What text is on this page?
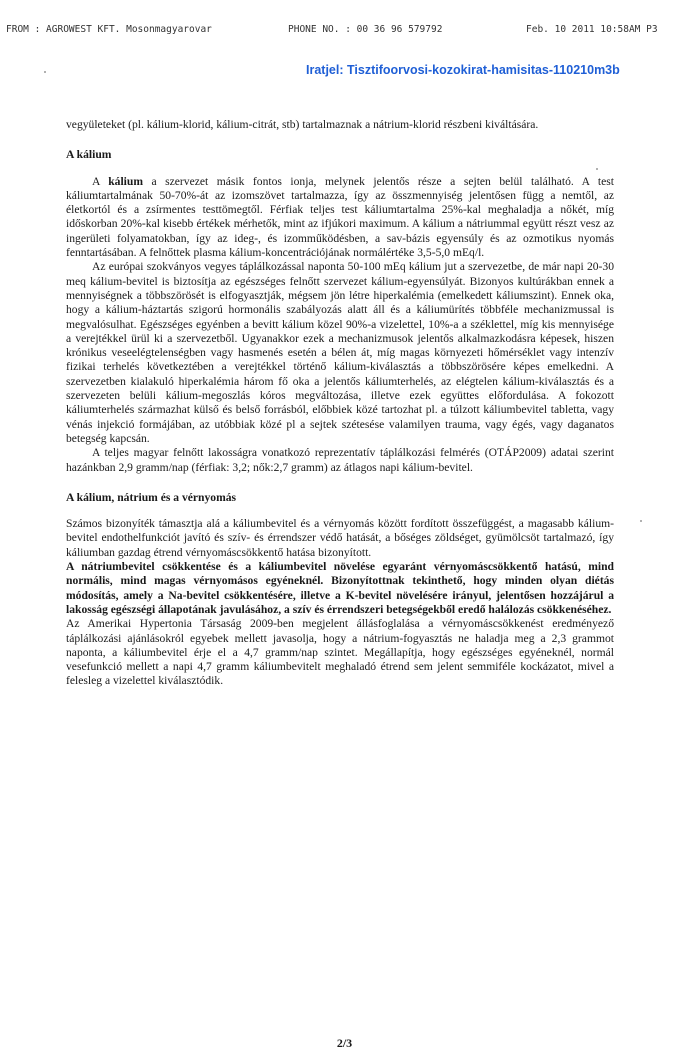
FROM : AGROWEST KFT. Mosonmagyarovar	PHONE NO. : 00 36 96 579792	Feb. 10 2011 10:58AM P3
Iratjel: Tisztifoorvosi-kozokirat-hamisitas-110210m3b

vegyületeket (pl. kálium-klorid, kálium-citrát, stb) tartalmaznak a nátrium-klorid részbeni kiváltására.

A kálium

A kálium a szervezet másik fontos ionja, melynek jelentős része a sejten belül található. A test káliumtartalmának 50-70%-át az izomszövet tartalmazza, így az összmennyiség jelentősen függ a nemtől, az életkortól és a zsírmentes testtömegtől. Férfiak teljes test káliumtartalma 25%-kal meghaladja a nőkét, míg időskorban 20%-kal kisebb értékek mérhetők, mint az ifjúkori maximum. A kálium a nátriummal együtt részt vesz az ingerületi folyamatokban, így az ideg-, és izomműködésben, a sav-bázis egyensúly és az ozmotikus nyomás fenntartásában. A felnőttek plasma kálium-koncentrációjának normálértéke 3,5-5,0 mEq/l.

Az európai szokványos vegyes táplálkozással naponta 50-100 mEq kálium jut a szervezetbe, de már napi 20-30 meq kálium-bevitel is biztosítja az egészséges felnőtt szervezet kálium-egyensúlyát. Bizonyos kultúrákban ennek a mennyiségnek a többszörösét is elfogyasztják, mégsem jön létre hiperkalémia (emelkedett káliumszint). Ennek oka, hogy a kálium-háztartás szigorú hormonális szabályozás alatt áll és a káliumürítés többféle mechanizmussal is megvalósulhat. Egészséges egyénben a bevitt kálium közel 90%-a vizelettel, 10%-a a széklettel, míg kis mennyisége a verejtékkel ürül ki a szervezetből. Ugyanakkor ezek a mechanizmusok jelentős alkalmazkodásra képesek, hiszen krónikus veseelégtelenségben vagy hasmenés esetén a bélen át, míg magas környezeti hőmérséklet vagy intenzív fizikai terhelés következtében a verejtékkel történő kálium-kiválasztás a többszörösére képes emelkedni. A szervezetben kialakuló hiperkalémia három fő oka a jelentős káliumterhelés, az elégtelen kálium-kiválasztás és a szervezeten belüli kálium-megoszlás kóros megváltozása, illetve ezek együttes előfordulása. A fokozott káliumterhelés származhat külső és belső forrásból, előbbiek közé tartozhat pl. a túlzott káliumbevitel tabletta, vagy vénás injekció formájában, az utóbbiak közé pl a sejtek szétesése valamilyen trauma, vagy égés, vagy daganatos betegség kapcsán.

A teljes magyar felnőtt lakosságra vonatkozó reprezentatív táplálkozási felmérés (OTÁP2009) adatai szerint hazánkban 2,9 gramm/nap (férfiak: 3,2; nők:2,7 gramm) az átlagos napi kálium-bevitel.

A kálium, nátrium és a vérnyomás

Számos bizonyíték támasztja alá a káliumbevitel és a vérnyomás között fordított összefüggést, a magasabb kálium-bevitel endothelfunkciót javító és szív- és érrendszer védő hatását, a bőséges zöldséget, gyümölcsöt tartalmazó, így káliumban gazdag étrend vérnyomáscsökkentő hatása bizonyított.

A nátriumbevitel csökkentése és a káliumbevitel növelése egyaránt vérnyomáscsökkentő hatású, mind normális, mind magas vérnyomásos egyéneknél. Bizonyítottnak tekinthető, hogy minden olyan diétás módosítás, amely a Na-bevitel csökkentésére, illetve a K-bevitel növelésére irányul, jelentősen hozzájárul a lakosság egészségi állapotának javulásához, a szív és érrendszeri betegségekből eredő halálozás csökkenéséhez.

Az Amerikai Hypertonia Társaság 2009-ben megjelent állásfoglalása a vérnyomáscsökkenést eredményező táplálkozási ajánlásokról egyebek mellett javasolja, hogy a nátrium-fogyasztás ne haladja meg a 2,3 grammot naponta, a káliumbevitel érje el a 4,7 gramm/nap szintet. Megállapítja, hogy egészséges egyéneknél, normál vesefunkció mellett a napi 4,7 gramm káliumbevitelt meghaladó étrend sem jelent semmiféle kockázatot, mivel a felesleg a vizelettel kiválasztódik.

2/3
